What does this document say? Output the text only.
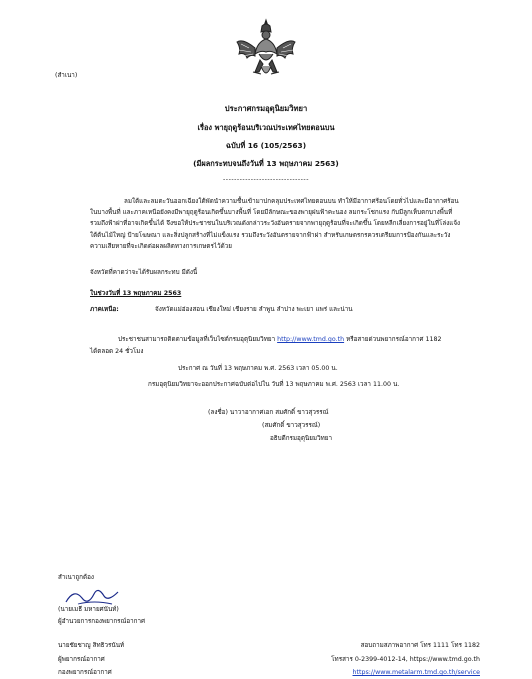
(สำเนา)
ประกาศกรมอุตุนิยมวิทยา
เรื่อง พายุฤดูร้อนบริเวณประเทศไทยตอนบน
ฉบับที่ 16 (105/2563)
(มีผลกระทบจนถึงวันที่ 13 พฤษภาคม 2563)
-------------------------------
ลมใต้และลมตะวันออกเฉียงใต้พัดนำความชื้นเข้ามาปกคลุมประเทศไทยตอนบน ทำให้มีอากาศร้อนโดยทั่วไปและมีอากาศร้อนในบางพื้นที่ และภาคเหนือยังคงมีพายุฤดูร้อนเกิดขึ้นบางพื้นที่ โดยมีลักษณะของพายุฝนฟ้าคะนอง ลมกระโชกแรง กับมีลูกเห็บตกบางพื้นที่ รวมถึงฟ้าผ่าที่อาจเกิดขึ้นได้ จึงขอให้ประชาชนในบริเวณดังกล่าวระวังอันตรายจากพายุฤดูร้อนที่จะเกิดขึ้น โดยหลีกเลี่ยงการอยู่ในที่โล่งแจ้ง ใต้ต้นไม้ใหญ่ ป้ายโฆษณา และสิ่งปลูกสร้างที่ไม่แข็งแรง รวมถึงระวังอันตรายจากฟ้าผ่า สำหรับเกษตรกรควรเตรียมการป้องกันและระวังความเสียหายที่จะเกิดต่อผลผลิตทางการเกษตรไว้ด้วย
จังหวัดที่คาดว่าจะได้รับผลกระทบ มีดังนี้
ในช่วงวันที่ 13 พฤษภาคม 2563
ภาคเหนือ:	จังหวัดแม่ฮ่องสอน เชียงใหม่ เชียงราย ลำพูน ลำปาง พะเยา แพร่ และน่าน
ประชาชนสามารถติดตามข้อมูลที่เว็บไซต์กรมอุตุนิยมวิทยา http://www.tmd.go.th หรือสายด่วนพยากรณ์อากาศ 1182
ได้ตลอด 24 ชั่วโมง
ประกาศ ณ วันที่ 13 พฤษภาคม พ.ศ. 2563 เวลา 05.00 น.
กรมอุตุนิยมวิทยาจะออกประกาศฉบับต่อไปใน วันที่ 13 พฤษภาคม พ.ศ. 2563 เวลา 11.00 น.
(ลงชื่อ) นาวาอากาศเอก สมศักดิ์ ขาวสุวรรณ์
(สมศักดิ์ ขาวสุวรรณ์)
อธิบดีกรมอุตุนิยมวิทยา
สำเนาถูกต้อง
(นายเมธี มหายศนันท์)
ผู้อำนวยการกองพยากรณ์อากาศ
นายชัยชาญู สิทธิวรนันท์
ผู้พยากรณ์อากาศ
กองพยากรณ์อากาศ
สอบถามสภาพอากาศ โทร 1111 โทร 1182
โทรสาร 0-2399-4012-14, https://www.tmd.go.th
https://www.metalarm.tmd.go.th/service
